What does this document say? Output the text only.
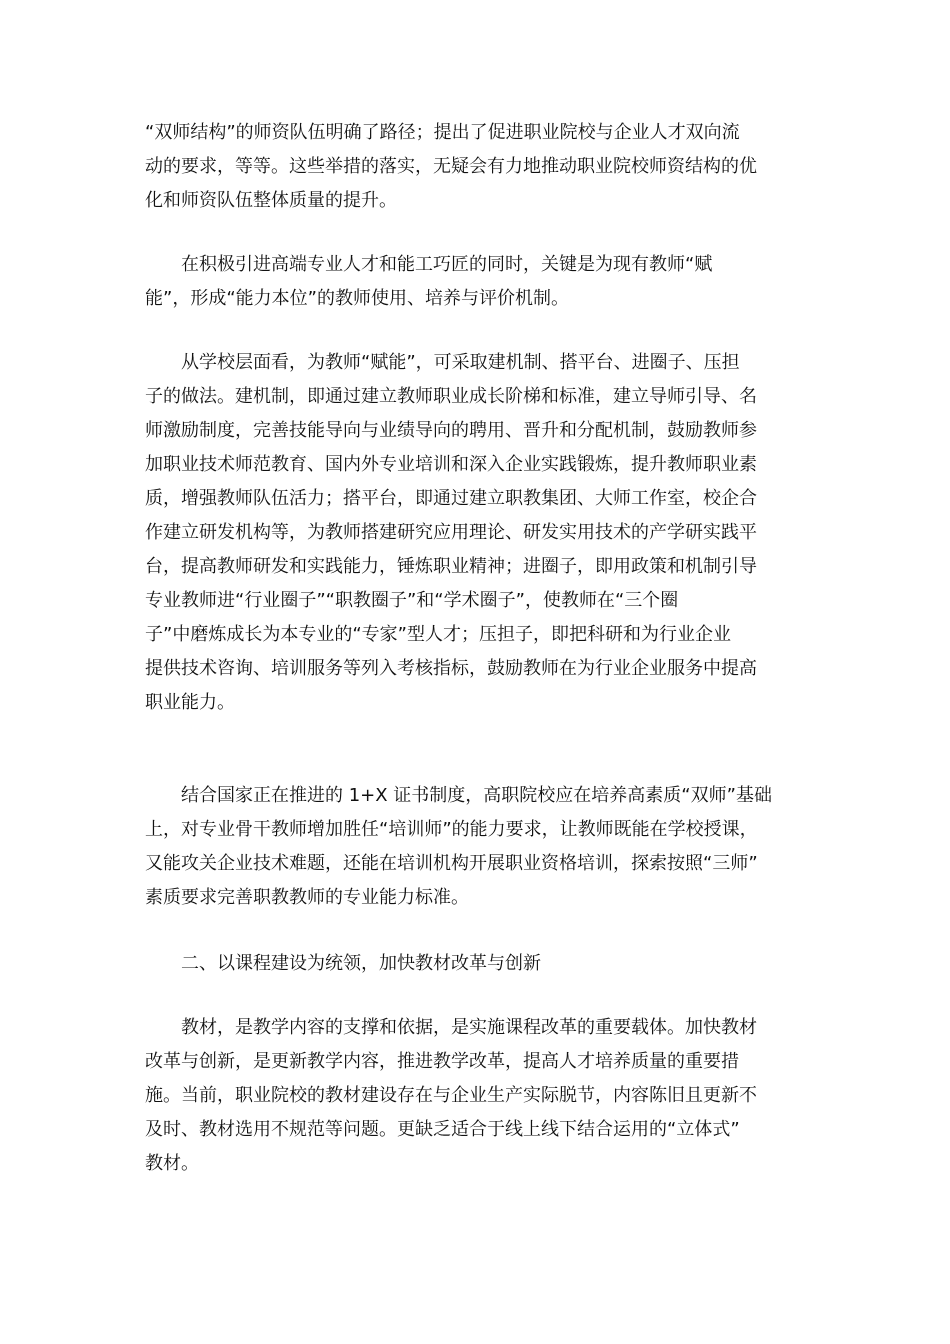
“双师结构”的师资队伍明确了路径；提出了促进职业院校与企业人才双向流
动的要求，等等。这些举措的落实，无疑会有力地推动职业院校师资结构的优
化和师资队伍整体质量的提升。
　　在积极引进高端专业人才和能工巧匠的同时，关键是为现有教师“赋
能”，形成“能力本位”的教师使用、培养与评价机制。
　　从学校层面看，为教师“赋能”，可采取建机制、搭平台、进圈子、压担
子的做法。建机制，即通过建立教师职业成长阶梯和标准，建立导师引导、名
师激励制度，完善技能导向与业绩导向的聘用、晋升和分配机制，鼓励教师参
加职业技术师范教育、国内外专业培训和深入企业实践锻炼，提升教师职业素
质，增强教师队伍活力；搭平台，即通过建立职教集团、大师工作室，校企合
作建立研发机构等，为教师搭建研究应用理论、研发实用技术的产学研实践平
台，提高教师研发和实践能力，锤炼职业精神；进圈子，即用政策和机制引导
专业教师进“行业圈子”“职教圈子”和“学术圈子”，使教师在“三个圈
子”中磨炼成长为本专业的“专家”型人才；压担子，即把科研和为行业企业
提供技术咨询、培训服务等列入考核指标，鼓励教师在为行业企业服务中提高
职业能力。
　　结合国家正在推进的 1+X 证书制度，高职院校应在培养高素质“双师”基础
上，对专业骨干教师增加胜任“培训师”的能力要求，让教师既能在学校授课，
又能攻关企业技术难题，还能在培训机构开展职业资格培训，探索按照“三师”
素质要求完善职教教师的专业能力标准。
　　二、以课程建设为统领，加快教材改革与创新
　　教材，是教学内容的支撑和依据，是实施课程改革的重要载体。加快教材
改革与创新，是更新教学内容，推进教学改革，提高人才培养质量的重要措
施。当前，职业院校的教材建设存在与企业生产实际脱节，内容陈旧且更新不
及时、教材选用不规范等问题。更缺乏适合于线上线下结合运用的“立体式”
教材。
